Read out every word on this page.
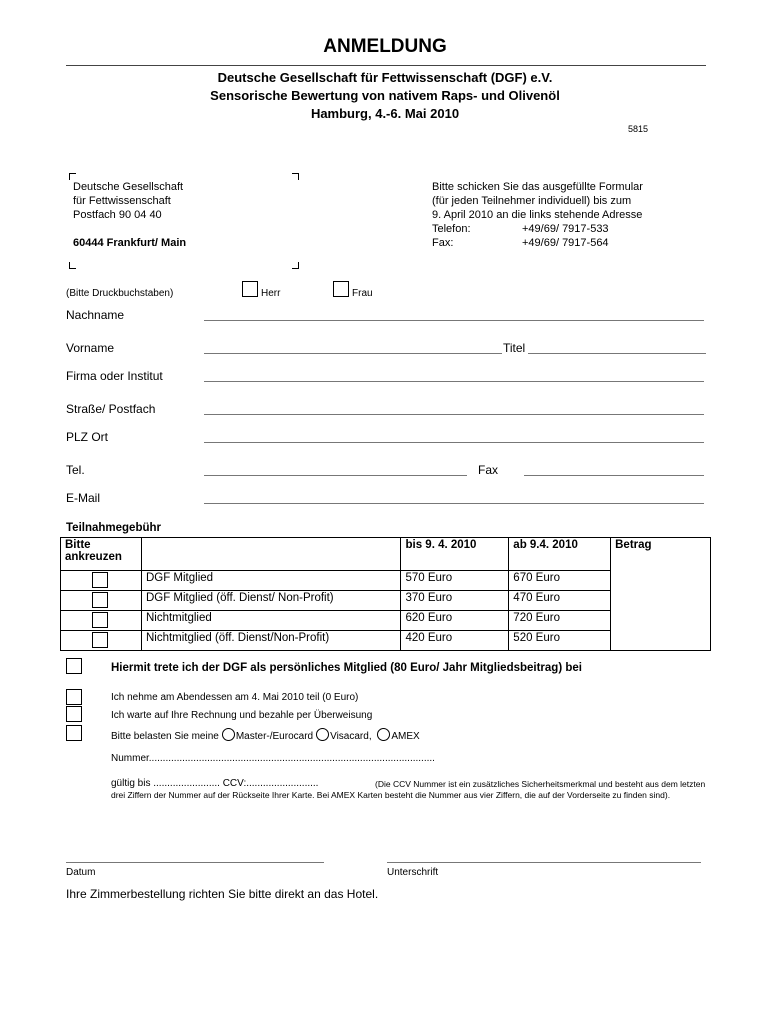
ANMELDUNG
Deutsche Gesellschaft für Fettwissenschaft (DGF) e.V.
Sensorische Bewertung von nativem Raps- und Olivenöl
Hamburg, 4.-6. Mai 2010
5815
Deutsche Gesellschaft
für Fettwissenschaft
Postfach 90 04 40
60444 Frankfurt/ Main
Bitte schicken Sie das ausgefüllte Formular
(für jeden Teilnehmer individuell) bis zum
9. April 2010 an die links stehende Adresse
Telefon:	+49/69/ 7917-533
Fax:	+49/69/ 7917-564
(Bitte Druckbuchstaben)	Herr	Frau
Nachname
Vorname	Titel
Firma oder Institut
Straße/ Postfach
PLZ Ort
Tel.	Fax
E-Mail
Teilnahmegebühr
Bitte ankreuzen		bis 9. 4. 2010	ab 9.4. 2010	Betrag

	DGF Mitglied	570 Euro	670 Euro	

	DGF Mitglied (öff. Dienst/ Non-Profit)	370 Euro	470 Euro	

	Nichtmitglied	620 Euro	720 Euro	

	Nichtmitglied (öff. Dienst/Non-Profit)	420 Euro	520 Euro	
Hiermit trete ich der DGF als persönliches Mitglied (80 Euro/ Jahr Mitgliedsbeitrag) bei
Ich nehme am Abendessen am 4. Mai 2010 teil (0 Euro)
Ich warte auf Ihre Rechnung und bezahle per Überweisung
Bitte belasten Sie meine Master-/Eurocard Visacard, AMEX
Nummer.......................................................................................................
gültig bis ........................ CCV:..........................	(Die CCV Nummer ist ein zusätzliches Sicherheitsmerkmal und besteht aus dem letzten drei Ziffern der Nummer auf der Rückseite Ihrer Karte. Bei AMEX Karten besteht die Nummer aus vier Ziffern, die auf der Vorderseite zu finden sind).
Datum	Unterschrift
Ihre Zimmerbestellung richten Sie bitte direkt an das Hotel.
